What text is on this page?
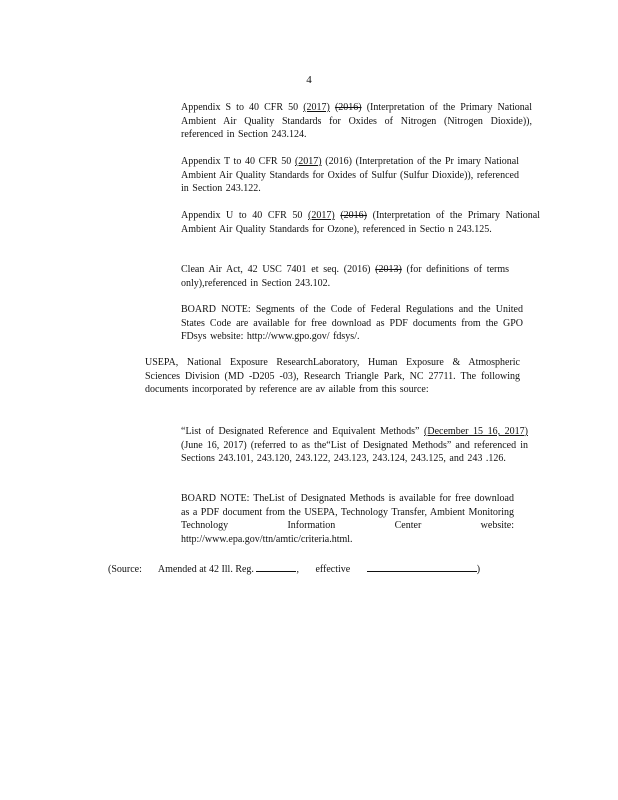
4

Appendix S to 40 CFR 50 (2017) (2016) (Interpretation of the Primary National Ambient Air Quality Standards for Oxides of Nitrogen (Nitrogen Dioxide)), referenced in Section 243.124.

Appendix T to 40 CFR 50 (2017) (2016) (Interpretation of the Pr imary National Ambient Air Quality Standards for Oxides of Sulfur (Sulfur Dioxide)), referenced in Section 243.122.

Appendix U to 40 CFR 50 (2017) (2016) (Interpretation of the Primary National Ambient Air Quality Standards for Ozone), referenced in Sectio n 243.125.

Clean Air Act, 42 USC 7401 et seq. (2016) (2013) (for definitions of terms only),referenced in Section 243.102.

BOARD NOTE: Segments of the Code of Federal Regulations and the United States Code are available for free download as PDF documents from the GPO FDsys website: http://www.gpo.gov/ fdsys/.

USEPA, National Exposure ResearchLaboratory, Human Exposure & Atmospheric Sciences Division (MD -D205 -03), Research Triangle Park, NC 27711. The following documents incorporated by reference are av ailable from this source:

“List of Designated Reference and Equivalent Methods” (December 15 16, 2017) (June 16, 2017) (referred to as the“List of Designated Methods” and referenced in Sections 243.101, 243.120, 243.122, 243.123, 243.124, 243.125, and 243 .126.

BOARD NOTE: TheList of Designated Methods is available for free download as a PDF document from the USEPA, Technology Transfer, Ambient Monitoring Technology Information Center website: http://www.epa.gov/ttn/amtic/criteria.html.

(Source: Amended at 42 Ill. Reg.	, effective	)
